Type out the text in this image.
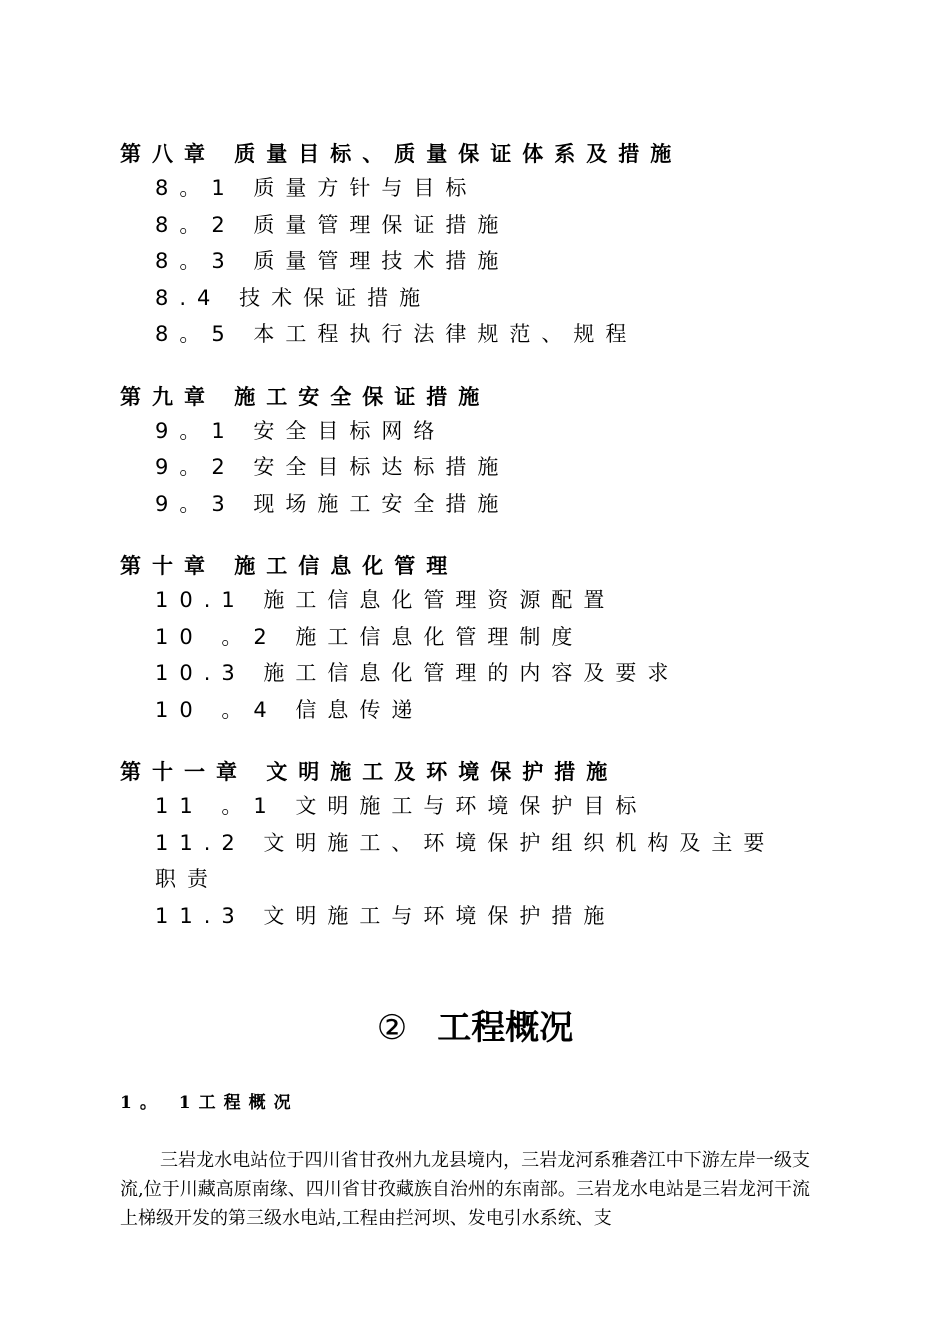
第八章 质量目标、质量保证体系及措施
8。1 质量方针与目标
8。2 质量管理保证措施
8。3 质量管理技术措施
8.4 技术保证措施
8。5 本工程执行法律规范、规程
第九章 施工安全保证措施
9。1 安全目标网络
9。2 安全目标达标措施
9。3 现场施工安全措施
第十章 施工信息化管理
10.1 施工信息化管理资源配置
10 。2 施工信息化管理制度
10.3 施工信息化管理的内容及要求
10 。4 信息传递
第十一章 文明施工及环境保护措施
11 。1 文明施工与环境保护目标
11.2 文明施工、环境保护组织机构及主要
职责
11.3 文明施工与环境保护措施
② 工程概况
1。 1工程概况
三岩龙水电站位于四川省甘孜州九龙县境内，三岩龙河系雅砻江中下游左岸一级支流,位于川藏高原南缘、四川省甘孜藏族自治州的东南部。三岩龙水电站是三岩龙河干流上梯级开发的第三级水电站,工程由拦河坝、发电引水系统、支
